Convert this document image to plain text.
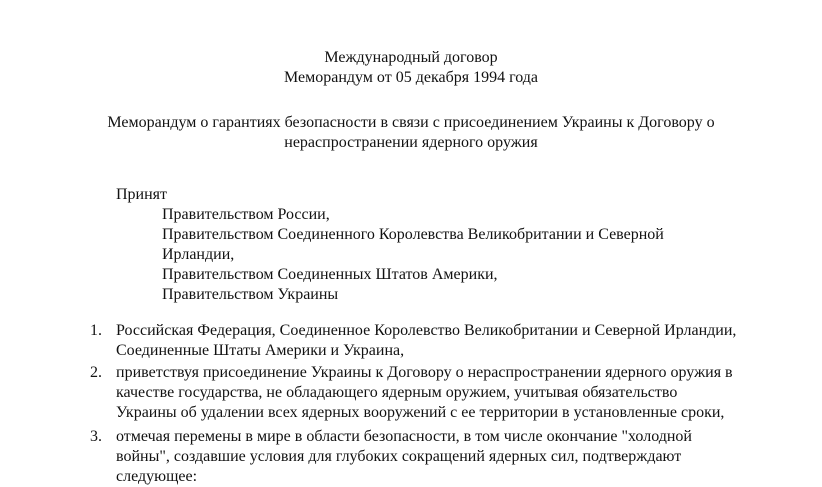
Международный договор
Меморандум от 05 декабря 1994 года
Меморандум о гарантиях безопасности в связи с присоединением Украины к Договору о
нераспространении ядерного оружия
Принят
Правительством России,
Правительством Соединенного Королевства Великобритании и Северной
Ирландии,
Правительством Соединенных Штатов Америки,
Правительством Украины
1. Российская Федерация, Соединенное Королевство Великобритании и Северной Ирландии,
Соединенные Штаты Америки и Украина,
2. приветствуя присоединение Украины к Договору о нераспространении ядерного оружия в
качестве государства, не обладающего ядерным оружием, учитывая обязательство
Украины об удалении всех ядерных вооружений с ее территории в установленные сроки,
3. отмечая перемены в мире в области безопасности, в том числе окончание "холодной
войны", создавшие условия для глубоких сокращений ядерных сил, подтверждают
следующее:
